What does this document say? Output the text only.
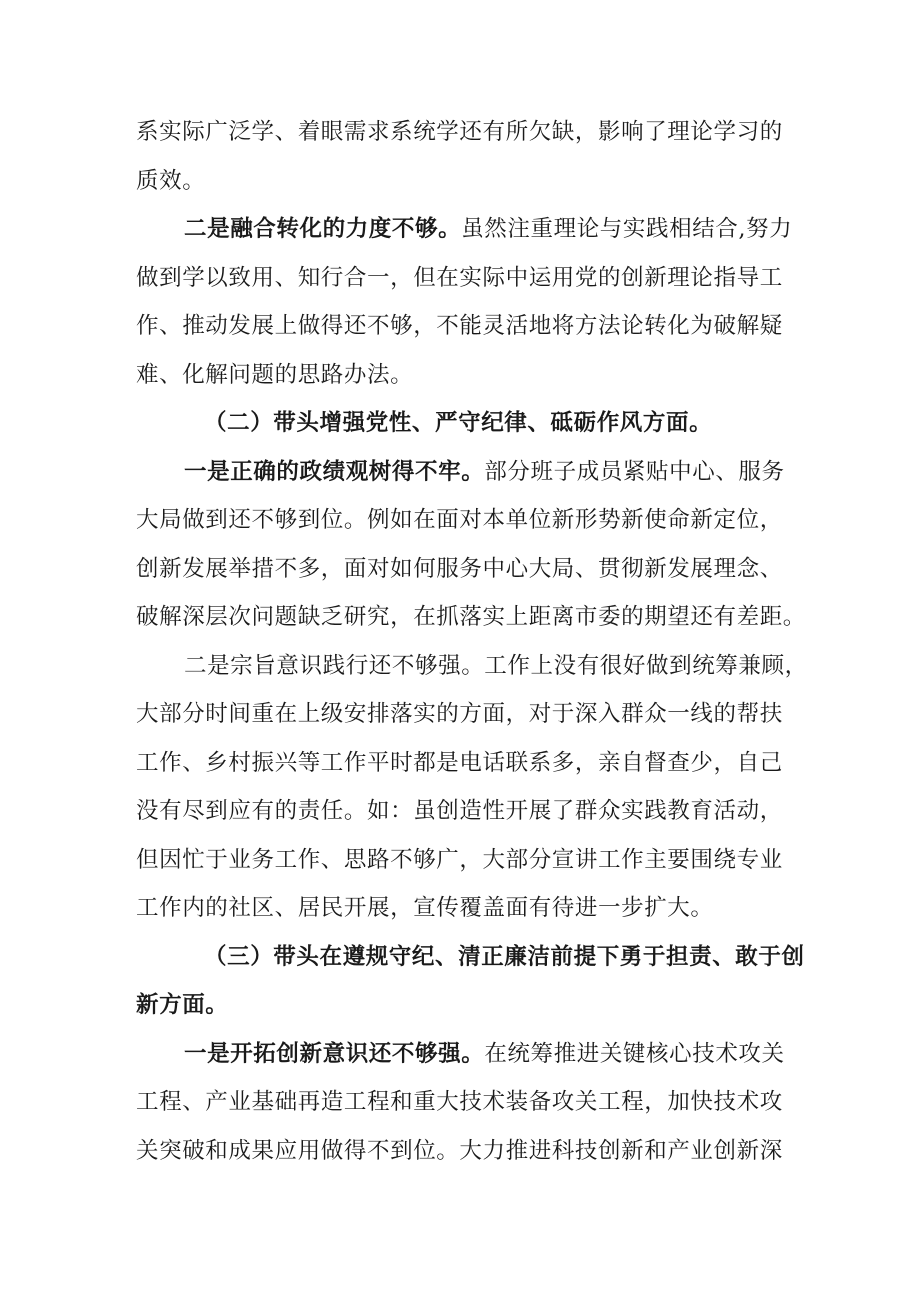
系实际广泛学、着眼需求系统学还有所欠缺，影响了理论学习的
质效。
二是融合转化的力度不够。虽然注重理论与实践相结合,努力
做到学以致用、知行合一，但在实际中运用党的创新理论指导工
作、推动发展上做得还不够，不能灵活地将方法论转化为破解疑
难、化解问题的思路办法。
（二）带头增强党性、严守纪律、砥砺作风方面。
一是正确的政绩观树得不牢。部分班子成员紧贴中心、服务
大局做到还不够到位。例如在面对本单位新形势新使命新定位，
创新发展举措不多，面对如何服务中心大局、贯彻新发展理念、
破解深层次问题缺乏研究，在抓落实上距离市委的期望还有差距。
二是宗旨意识践行还不够强。工作上没有很好做到统筹兼顾，
大部分时间重在上级安排落实的方面，对于深入群众一线的帮扶
工作、乡村振兴等工作平时都是电话联系多，亲自督查少，自己
没有尽到应有的责任。如：虽创造性开展了群众实践教育活动，
但因忙于业务工作、思路不够广，大部分宣讲工作主要围绕专业
工作内的社区、居民开展，宣传覆盖面有待进一步扩大。
（三）带头在遵规守纪、清正廉洁前提下勇于担责、敢于创
新方面。
一是开拓创新意识还不够强。在统筹推进关键核心技术攻关
工程、产业基础再造工程和重大技术装备攻关工程，加快技术攻
关突破和成果应用做得不到位。大力推进科技创新和产业创新深
